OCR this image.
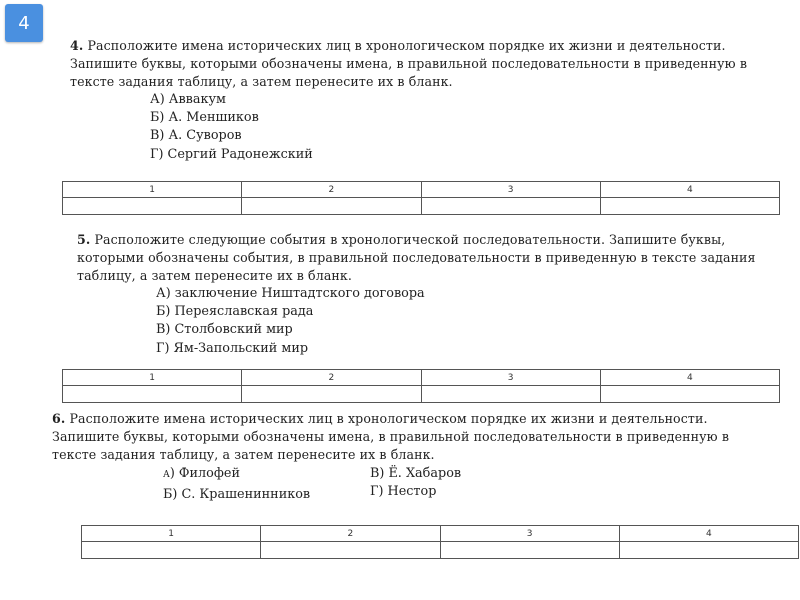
4
4. Расположите имена исторических лиц в хронологическом порядке их жизни и деятельности. Запишите буквы, которыми обозначены имена, в правильной последовательности в приведенную в тексте задания таблицу, а затем перенесите их в бланк.
А) Аввакум
Б) А. Меншиков
В) А. Суворов
Г) Сергий Радонежский
1	2	3	4

5. Расположите следующие события в хронологической последовательности. Запишите буквы, которыми обозначены события, в правильной последовательности в приведенную в тексте задания таблицу, а затем перенесите их в бланк.
А) заключение Ништадтского договора
Б) Переяславская рада
В) Столбовский мир
Г) Ям-Запольский мир
1	2	3	4

6. Расположите имена исторических лиц в хронологическом порядке их жизни и деятельности. Запишите буквы, которыми обозначены имена, в правильной последовательности в приведенную в тексте задания таблицу, а затем перенесите их в бланк.
А) Филофей
Б) С. Крашенинников
В) Ё. Хабаров
Г) Нестор
1	2	3	4
